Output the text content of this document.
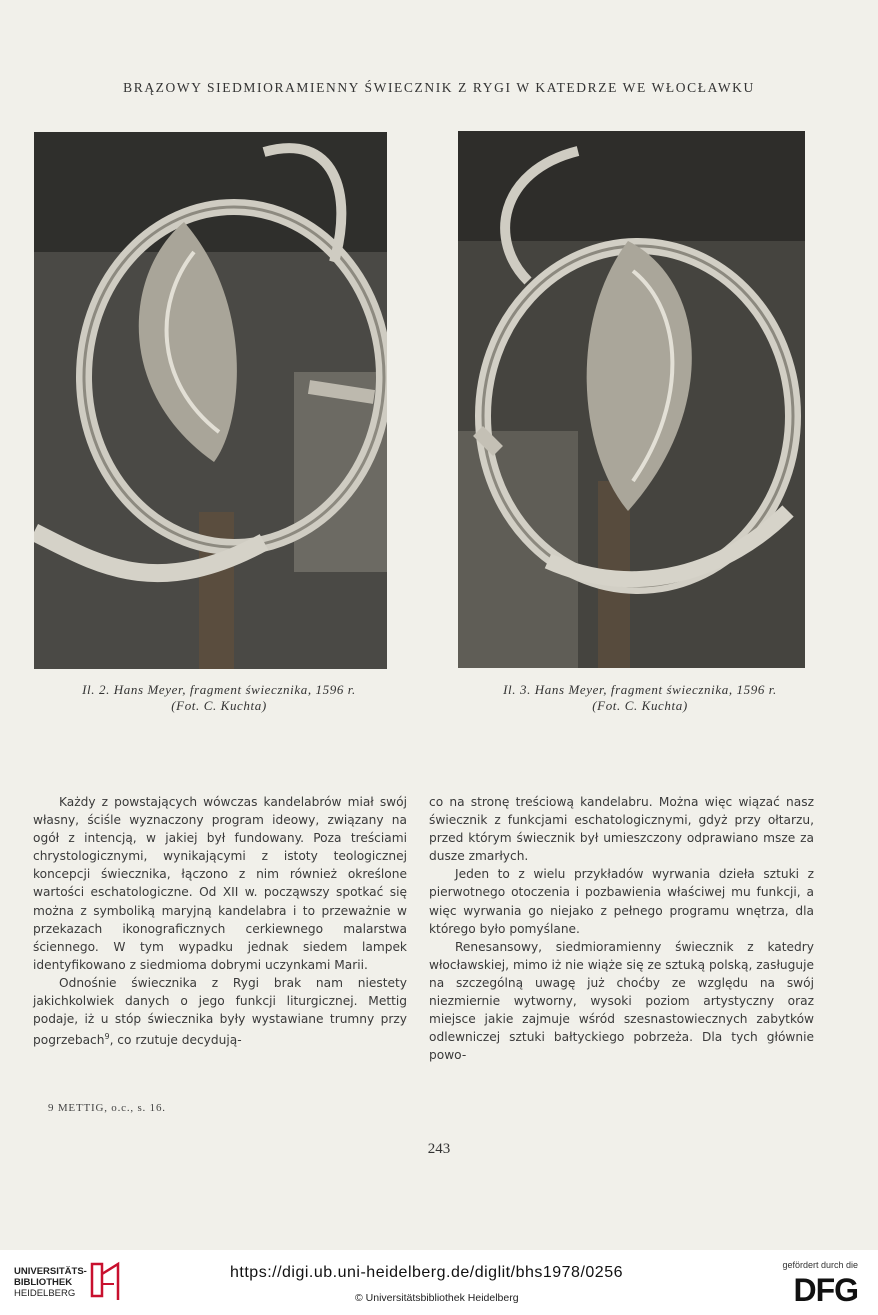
BRĄZOWY SIEDMIORAMIENNY ŚWIECZNIK Z RYGI W KATEDRZE WE WŁOCŁAWKU
Il. 2. Hans Meyer, fragment świecznika, 1596 r.
(Fot. C. Kuchta)
Il. 3. Hans Meyer, fragment świecznika, 1596 r.
(Fot. C. Kuchta)

Każdy z powstających wówczas kandelabrów miał swój własny, ściśle wyznaczony program ideowy, związany na ogół z intencją, w jakiej był fundowany. Poza treściami chrystologicznymi, wynikającymi z istoty teologicznej koncepcji świecznika, łączono z nim również określone wartości eschatologiczne. Od XII w. począwszy spotkać się można z symboliką maryjną kandelabra i to przeważnie w przekazach ikonograficznych cerkiewnego malarstwa ściennego. W tym wypadku jednak siedem lampek identyfikowano z siedmioma dobrymi uczynkami Marii.

Odnośnie świecznika z Rygi brak nam niestety jakichkolwiek danych o jego funkcji liturgicznej. Mettig podaje, iż u stóp świecznika były wystawiane trumny przy pogrzebach$^9$, co rzutuje decydują-

co na stronę treściową kandelabru. Można więc wiązać nasz świecznik z funkcjami eschatologicznymi, gdyż przy ołtarzu, przed którym świecznik był umieszczony odprawiano msze za dusze zmarłych.

Jeden to z wielu przykładów wyrwania dzieła sztuki z pierwotnego otoczenia i pozbawienia właściwej mu funkcji, a więc wyrwania go niejako z pełnego programu wnętrza, dla którego było pomyślane.

Renesansowy, siedmioramienny świecznik z katedry włocławskiej, mimo iż nie wiąże się ze sztuką polską, zasługuje na szczególną uwagę już choćby ze względu na swój niezmiernie wytworny, wysoki poziom artystyczny oraz miejsce jakie zajmuje wśród szesnastowiecznych zabytków odlewniczej sztuki bałtyckiego pobrzeża. Dla tych głównie powo-

9 METTIG, o.c., s. 16.
243
UNIVERSITÄTS-
BIBLIOTHEK
HEIDELBERG
https://digi.ub.uni-heidelberg.de/diglit/bhs1978/0256
© Universitätsbibliothek Heidelberg
gefördert durch die
DFG
